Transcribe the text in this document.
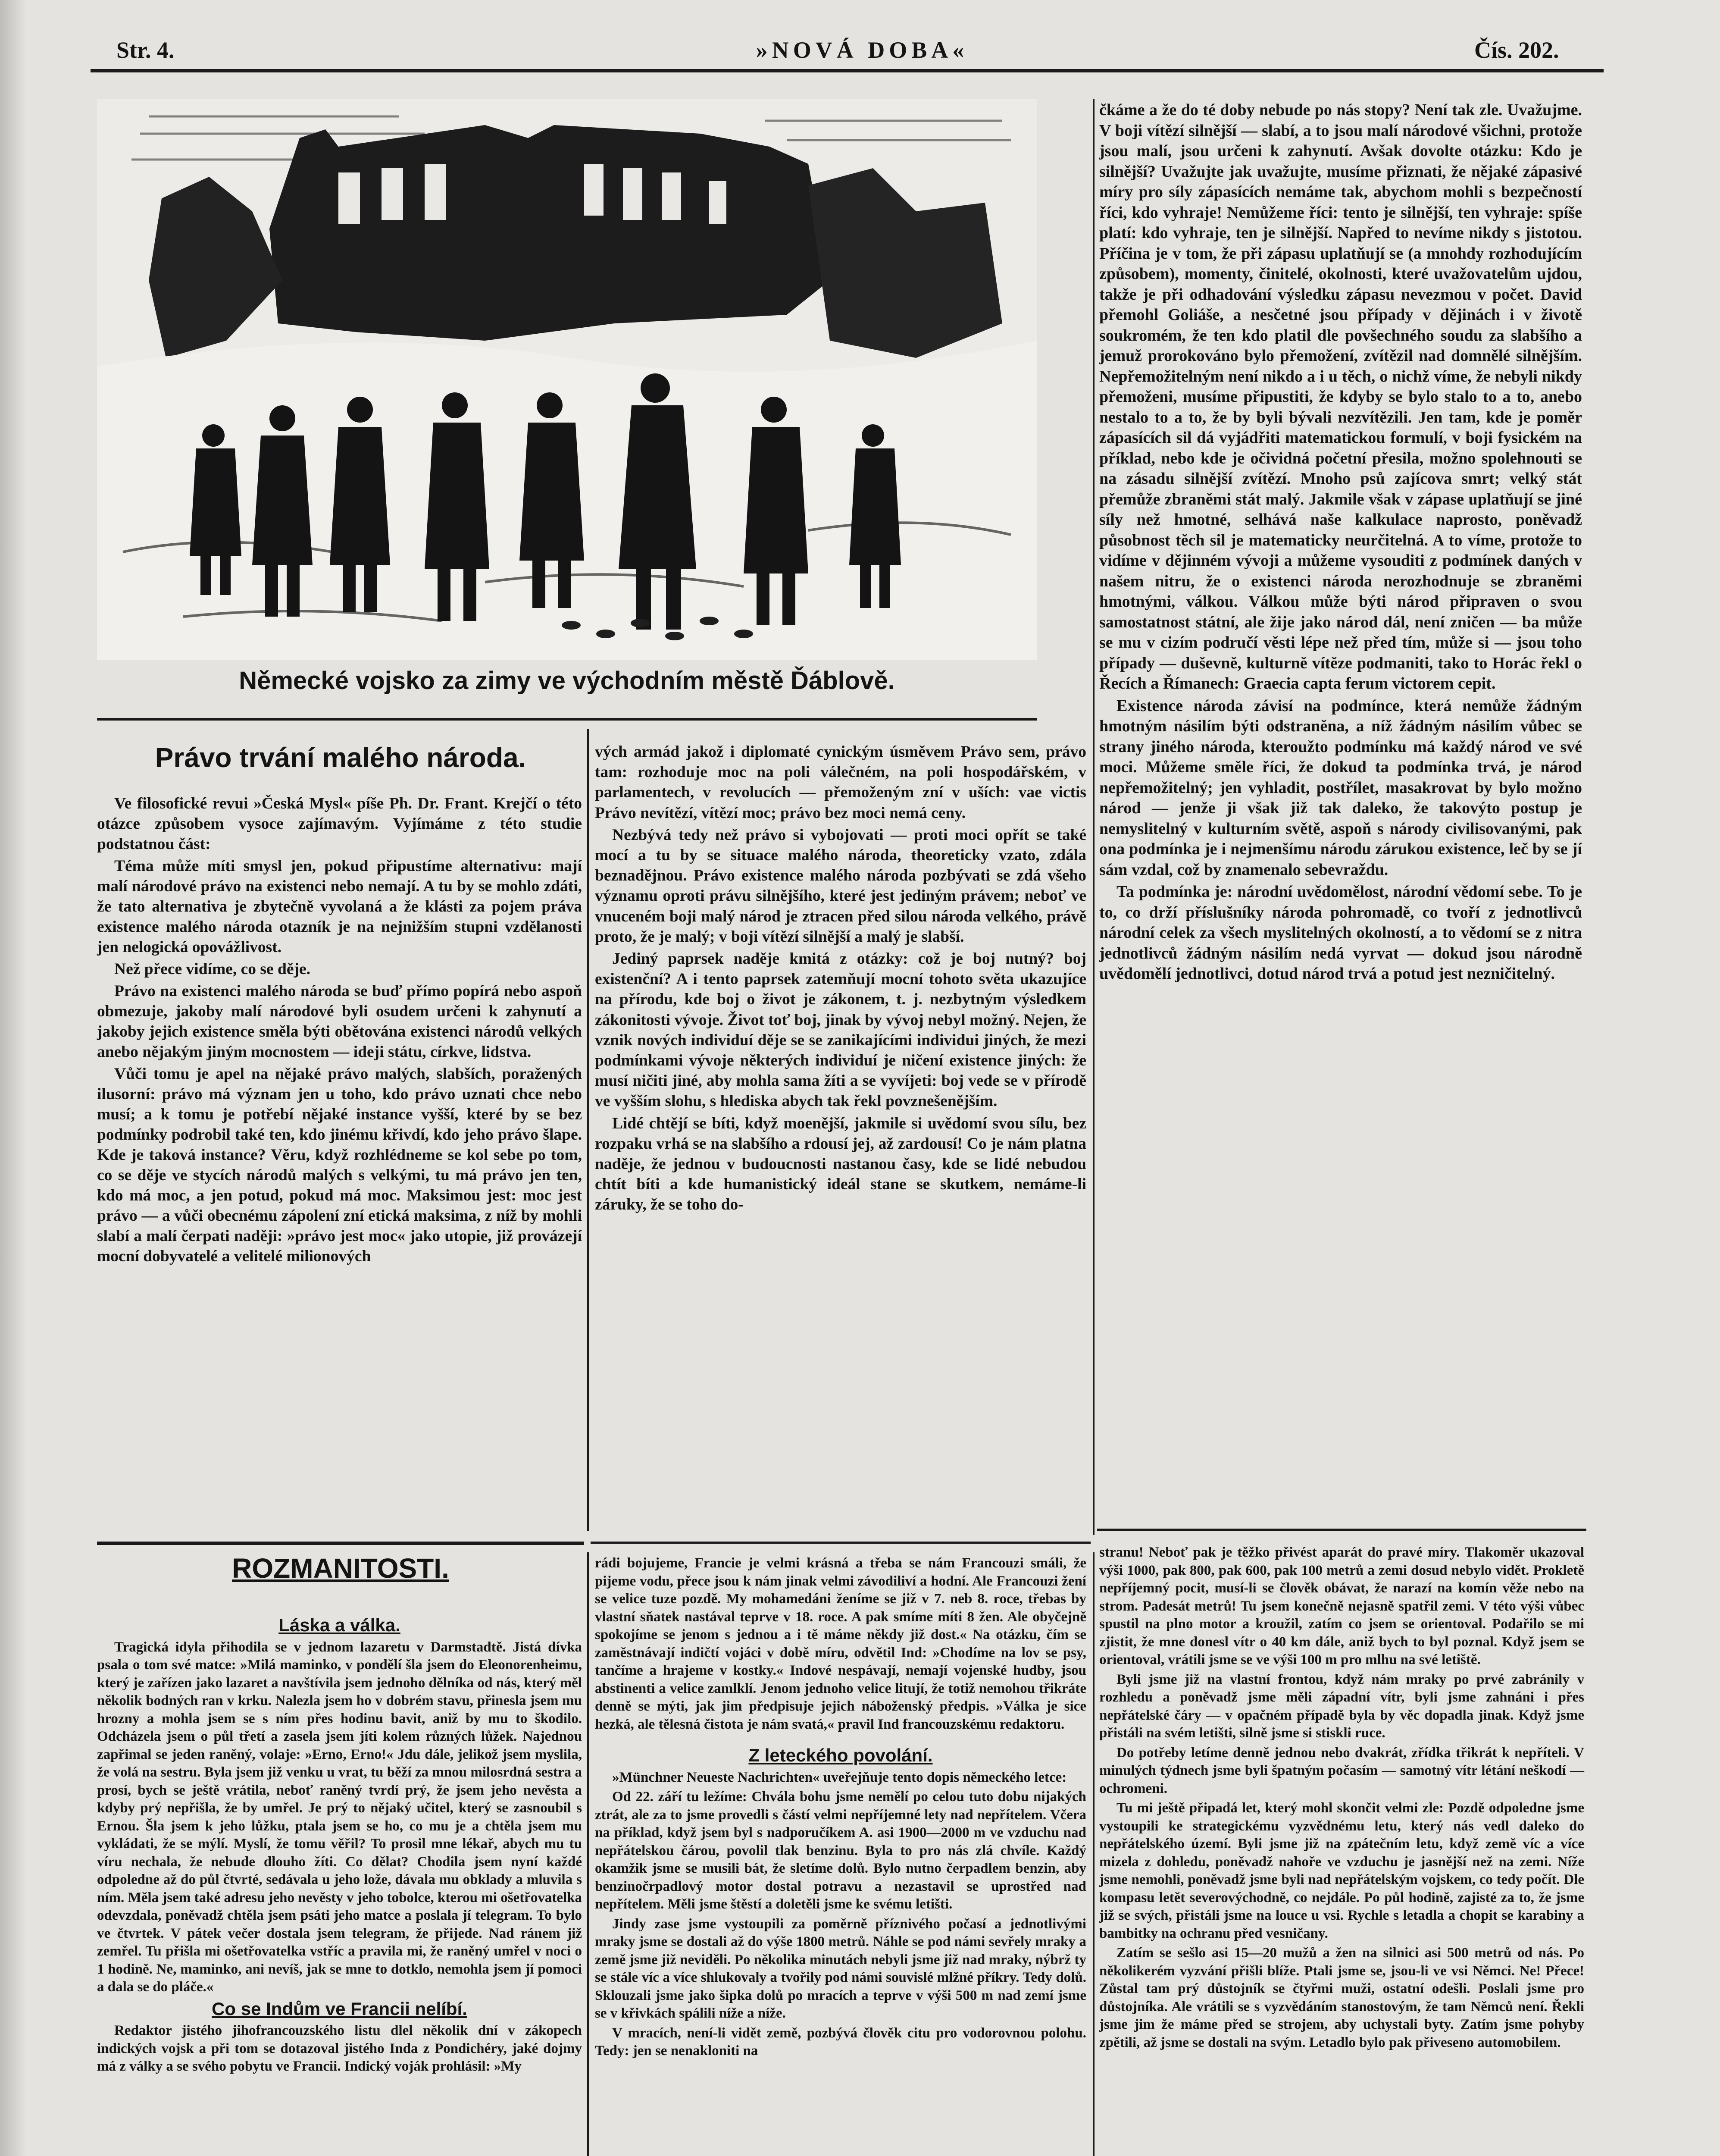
Str. 4.	»NOVÁ DOBA«	Čís. 202.
Německé vojsko za zimy ve východním městě Ďáblově.

čkáme a že do té doby nebude po nás stopy? Není tak zle. Uvažujme. V boji vítězí silnější — slabí, a to jsou malí národové všichni, protože jsou malí, jsou určeni k zahynutí. Avšak dovolte otázku: Kdo je silnější? Uvažujte jak uvažujte, musíme přiznati, že nějaké zápasivé míry pro síly zápasících nemáme tak, abychom mohli s bezpečností říci, kdo vyhraje! Nemůžeme říci: tento je silnější, ten vyhraje: spíše platí: kdo vyhraje, ten je silnější. Napřed to nevíme nikdy s jistotou. Příčina je v tom, že při zápasu uplatňují se (a mnohdy rozhodujícím způsobem), momenty, činitelé, okolnosti, které uvažovatelům ujdou, takže je při odhadování výsledku zápasu nevezmou v počet. David přemohl Goliáše, a nesčetné jsou případy v dějinách i v životě soukromém, že ten kdo platil dle povšechného soudu za slabšího a jemuž prorokováno bylo přemožení, zvítězil nad domnělé silnějším. Nepřemožitelným není nikdo a i u těch, o nichž víme, že nebyli nikdy přemoženi, musíme připustiti, že kdyby se bylo stalo to a to, anebo nestalo to a to, že by byli bývali nezvítězili. Jen tam, kde je poměr zápasících sil dá vyjádřiti matematickou formulí, v boji fysickém na příklad, nebo kde je očividná početní přesila, možno spolehnouti se na zásadu silnější zvítězí. Mnoho psů zajícova smrt; velký stát přemůže zbraněmi stát malý. Jakmile však v zápase uplatňují se jiné síly než hmotné, selhává naše kalkulace naprosto, poněvadž působnost těch sil je matematicky neurčitelná. A to víme, protože to vidíme v dějinném vývoji a můžeme vysouditi z podmínek daných v našem nitru, že o existenci národa nerozhodnuje se zbraněmi hmotnými, válkou. Válkou může býti národ připraven o svou samostatnost státní, ale žije jako národ dál, není zničen — ba může se mu v cizím područí věsti lépe než před tím, může si — jsou toho případy — duševně, kulturně vítěze podmaniti, tako to Horác řekl o Řecích a Římanech: Graecia capta ferum victorem cepit.

Existence národa závisí na podmínce, která nemůže žádným hmotným násilím býti odstraněna, a níž žádným násilím vůbec se strany jiného národa, kteroužto podmínku má každý národ ve své moci. Můžeme směle říci, že dokud ta podmínka trvá, je národ nepřemožitelný; jen vyhladit, postřílet, masakrovat by bylo možno národ — jenže ji však již tak daleko, že takovýto postup je nemyslitelný v kulturním světě, aspoň s národy civilisovanými, pak ona podmínka je i nejmenšímu národu zárukou existence, leč by se jí sám vzdal, což by znamenalo sebevraždu.

Ta podmínka je: národní uvědomělost, národní vědomí sebe. To je to, co drží příslušníky národa pohromadě, co tvoří z jednotlivců národní celek za všech myslitelných okolností, a to vědomí se z nitra jednotlivců žádným násilím nedá vyrvat — dokud jsou národně uvědomělí jednotlivci, dotud národ trvá a potud jest nezničitelný.

Právo trvání malého národa.

Ve filosofické revui »Česká Mysl« píše Ph. Dr. Frant. Krejčí o této otázce způsobem vysoce zajímavým. Vyjímáme z této studie podstatnou část:

Téma může míti smysl jen, pokud připustíme alternativu: mají malí národové právo na existenci nebo nemají. A tu by se mohlo zdáti, že tato alternativa je zbytečně vyvolaná a že klásti za pojem práva existence malého národa otazník je na nejnižším stupni vzdělanosti jen nelogická opovážlivost.

Než přece vidíme, co se děje.

Právo na existenci malého národa se buď přímo popírá nebo aspoň obmezuje, jakoby malí národové byli osudem určeni k zahynutí a jakoby jejich existence směla býti obětována existenci národů velkých anebo nějakým jiným mocnostem — ideji státu, církve, lidstva.

Vůči tomu je apel na nějaké právo malých, slabších, poražených ilusorní: právo má význam jen u toho, kdo právo uznati chce nebo musí; a k tomu je potřebí nějaké instance vyšší, které by se bez podmínky podrobil také ten, kdo jinému křivdí, kdo jeho právo šlape. Kde je taková instance? Věru, když rozhlédneme se kol sebe po tom, co se děje ve stycích národů malých s velkými, tu má právo jen ten, kdo má moc, a jen potud, pokud má moc. Maksimou jest: moc jest právo — a vůči obecnému zápolení zní etická maksima, z níž by mohli slabí a malí čerpati naději: »právo jest moc« jako utopie, již provázejí mocní dobyvatelé a velitelé milionových

vých armád jakož i diplomaté cynickým úsměvem Právo sem, právo tam: rozhoduje moc na poli válečném, na poli hospodářském, v parlamentech, v revolucích — přemoženým zní v uších: vae victis Právo nevítězí, vítězí moc; právo bez moci nemá ceny.

Nezbývá tedy než právo si vybojovati — proti moci opřít se také mocí a tu by se situace malého národa, theoreticky vzato, zdála beznadějnou. Právo existence malého národa pozbývati se zdá všeho významu oproti právu silnějšího, které jest jediným právem; neboť ve vnuceném boji malý národ je ztracen před silou národa velkého, právě proto, že je malý; v boji vítězí silnější a malý je slabší.

Jediný paprsek naděje kmitá z otázky: což je boj nutný? boj existenční? A i tento paprsek zatemňují mocní tohoto světa ukazujíce na přírodu, kde boj o život je zákonem, t. j. nezbytným výsledkem zákonitosti vývoje. Život toť boj, jinak by vývoj nebyl možný. Nejen, že vznik nových individuí děje se se zanikajícími individui jiných, že mezi podmínkami vývoje některých individuí je ničení existence jiných: že musí ničiti jiné, aby mohla sama žíti a se vyvíjeti: boj vede se v přírodě ve vyšším slohu, s hlediska abych tak řekl povznešenějším.

Lidé chtějí se bíti, když moenější, jakmile si uvědomí svou sílu, bez rozpaku vrhá se na slabšího a rdousí jej, až zardousí! Co je nám platna naděje, že jednou v budoucnosti nastanou časy, kde se lidé nebudou chtít bíti a kde humanistický ideál stane se skutkem, nemáme-li záruky, že se toho do-

ROZMANITOSTI.
Láska a válka.

Tragická idyla přihodila se v jednom lazaretu v Darmstadtě. Jistá dívka psala o tom své matce: »Milá maminko, v pondělí šla jsem do Eleonorenheimu, který je zařízen jako lazaret a navštívila jsem jednoho dělníka od nás, který měl několik bodných ran v krku. Nalezla jsem ho v dobrém stavu, přinesla jsem mu hrozny a mohla jsem se s ním přes hodinu bavit, aniž by mu to škodilo. Odcházela jsem o půl třetí a zasela jsem jíti kolem různých lůžek. Najednou zapřimal se jeden raněný, volaje: »Erno, Erno!« Jdu dále, jelikož jsem myslila, že volá na sestru. Byla jsem již venku u vrat, tu běží za mnou milosrdná sestra a prosí, bych se ještě vrátila, neboť raněný tvrdí prý, že jsem jeho nevěsta a kdyby prý nepřišla, že by umřel. Je prý to nějaký učitel, který se zasnoubil s Ernou. Šla jsem k jeho lůžku, ptala jsem se ho, co mu je a chtěla jsem mu vykládati, že se mýlí. Myslí, že tomu věřil? To prosil mne lékař, abych mu tu víru nechala, že nebude dlouho žíti. Co dělat? Chodila jsem nyní každé odpoledne až do půl čtvrté, sedávala u jeho lože, dávala mu obklady a mluvila s ním. Měla jsem také adresu jeho nevěsty v jeho tobolce, kterou mi ošetřovatelka odevzdala, poněvadž chtěla jsem psáti jeho matce a poslala jí telegram. To bylo ve čtvrtek. V pátek večer dostala jsem telegram, že přijede. Nad ránem již zemřel. Tu přišla mi ošetřovatelka vstříc a pravila mi, že raněný umřel v noci o 1 hodině. Ne, maminko, ani nevíš, jak se mne to dotklo, nemohla jsem jí pomoci a dala se do pláče.«

Co se Indům ve Francii nelíbí.

Redaktor jistého jihofrancouzského listu dlel několik dní v zákopech indických vojsk a při tom se dotazoval jistého Inda z Pondichéry, jaké dojmy má z války a se svého pobytu ve Francii. Indický voják prohlásil: »My

rádi bojujeme, Francie je velmi krásná a třeba se nám Francouzi smáli, že pijeme vodu, přece jsou k nám jinak velmi závodiliví a hodní. Ale Francouzi žení se velice tuze pozdě. My mohamedáni ženíme se již v 7. neb 8. roce, třebas by vlastní sňatek nastával teprve v 18. roce. A pak smíme míti 8 žen. Ale obyčejně spokojíme se jenom s jednou a i tě máme někdy již dost.« Na otázku, čím se zaměstnávají indičtí vojáci v době míru, odvětil Ind: »Chodíme na lov se psy, tančíme a hrajeme v kostky.« Indové nespávají, nemají vojenské hudby, jsou abstinenti a velice zamlklí. Jenom jednoho velice litují, že totiž nemohou třikráte denně se mýti, jak jim předpisuje jejich náboženský předpis. »Válka je sice hezká, ale tělesná čistota je nám svatá,« pravil Ind francouzskému redaktoru.

Z leteckého povolání.

»Münchner Neueste Nachrichten« uveřejňuje tento dopis německého letce:

Od 22. září tu ležíme: Chvála bohu jsme nemělí po celou tuto dobu nijakých ztrát, ale za to jsme provedli s částí velmi nepříjemné lety nad nepřítelem. Včera na příklad, když jsem byl s nadporučíkem A. asi 1900—2000 m ve vzduchu nad nepřátelskou čárou, povolil tlak benzinu. Byla to pro nás zlá chvíle. Každý okamžik jsme se musili bát, že sletíme dolů. Bylo nutno čerpadlem benzin, aby benzinočrpadlový motor dostal potravu a nezastavil se uprostřed nad nepřítelem. Měli jsme štěstí a doletěli jsme ke svému letišti.

Jindy zase jsme vystoupili za poměrně příznivého počasí a jednotlivými mraky jsme se dostali až do výše 1800 metrů. Náhle se pod námi sevřely mraky a země jsme již neviděli. Po několika minutách nebyli jsme již nad mraky, nýbrž ty se stále víc a více shlukovaly a tvořily pod námi souvislé mlžné příkry. Tedy dolů. Sklouzali jsme jako šipka dolů po mracích a teprve v výši 500 m nad zemí jsme se v křivkách spálili níže a níže.

V mracích, není-li vidět země, pozbývá člověk citu pro vodorovnou polohu. Tedy: jen se nenakloniti na

stranu! Neboť pak je těžko přivést aparát do pravé míry. Tlakoměr ukazoval výši 1000, pak 800, pak 600, pak 100 metrů a zemi dosud nebylo vidět. Prokletě nepříjemný pocit, musí-li se člověk obávat, že narazí na komín věže nebo na strom. Padesát metrů! Tu jsem konečně nejasně spatřil zemi. V této výši vůbec spustil na plno motor a kroužil, zatím co jsem se orientoval. Podařilo se mi zjistit, že mne donesl vítr o 40 km dále, aniž bych to byl poznal. Když jsem se orientoval, vrátili jsme se ve výši 100 m pro mlhu na své letiště.

Byli jsme již na vlastní frontou, když nám mraky po prvé zabránily v rozhledu a poněvadž jsme měli západní vítr, byli jsme zahnáni i přes nepřátelské čáry — v opačném případě byla by věc dopadla jinak. Když jsme přistáli na svém letišti, silně jsme si stiskli ruce.

Do potřeby letíme denně jednou nebo dvakrát, zřídka třikrát k nepříteli. V minulých týdnech jsme byli špatným počasím — samotný vítr létání neškodí — ochromeni.

Tu mi ještě připadá let, který mohl skončit velmi zle: Pozdě odpoledne jsme vystoupili ke strategickému vyzvědnému letu, který nás vedl daleko do nepřátelského území. Byli jsme již na zpátečním letu, když země víc a více mizela z dohledu, poněvadž nahoře ve vzduchu je jasnější než na zemi. Níže jsme nemohli, poněvadž jsme byli nad nepřátelským vojskem, co tedy počít. Dle kompasu letět severovýchodně, co nejdále. Po půl hodině, zajisté za to, že jsme již se svých, přistáli jsme na louce u vsi. Rychle s letadla a chopit se karabiny a bambitky na ochranu před vesničany.

Zatím se sešlo asi 15—20 mužů a žen na silnici asi 500 metrů od nás. Po několikerém vyzvání přišli blíže. Ptali jsme se, jsou-li ve vsi Němci. Ne! Přece! Zůstal tam prý důstojník se čtyřmi muži, ostatní odešli. Poslali jsme pro důstojníka. Ale vrátili se s vyzvědáním stanostovým, že tam Němců není. Řekli jsme jim že máme před se strojem, aby uchystali byty. Zatím jsme pohyby zpětili, až jsme se dostali na svým. Letadlo bylo pak přiveseno automobilem.
